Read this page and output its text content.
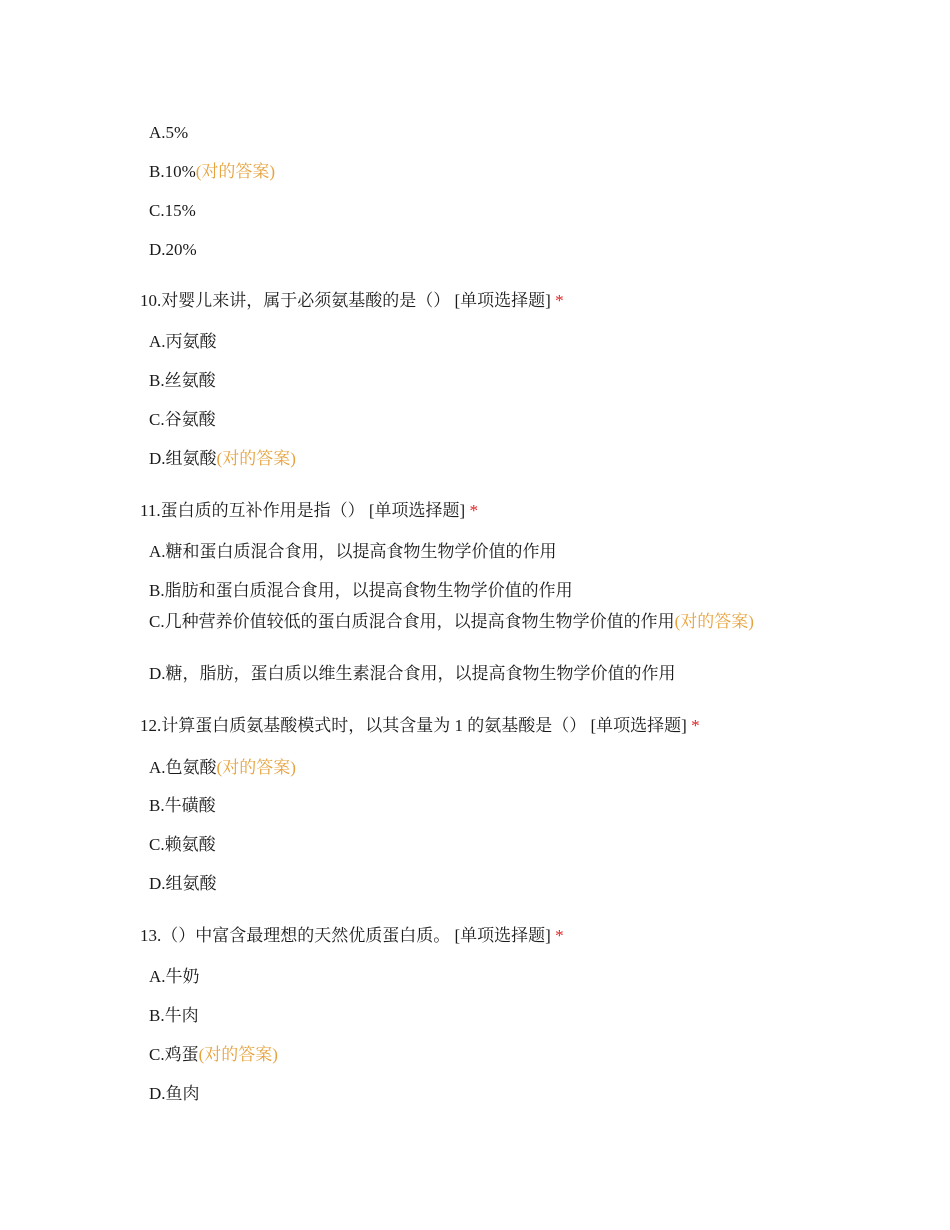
A.5%
B.10%(对的答案)
C.15%
D.20%
10.对婴儿来讲，属于必须氨基酸的是（） [单项选择题] *
A.丙氨酸
B.丝氨酸
C.谷氨酸
D.组氨酸(对的答案)
11.蛋白质的互补作用是指（） [单项选择题] *
A.糖和蛋白质混合食用，以提高食物生物学价值的作用
B.脂肪和蛋白质混合食用，以提高食物生物学价值的作用
C.几种营养价值较低的蛋白质混合食用，以提高食物生物学价值的作用(对的答案)
D.糖，脂肪，蛋白质以维生素混合食用，以提高食物生物学价值的作用
12.计算蛋白质氨基酸模式时，以其含量为 1 的氨基酸是（） [单项选择题] *
A.色氨酸(对的答案)
B.牛磺酸
C.赖氨酸
D.组氨酸
13.（）中富含最理想的天然优质蛋白质。 [单项选择题] *
A.牛奶
B.牛肉
C.鸡蛋(对的答案)
D.鱼肉
